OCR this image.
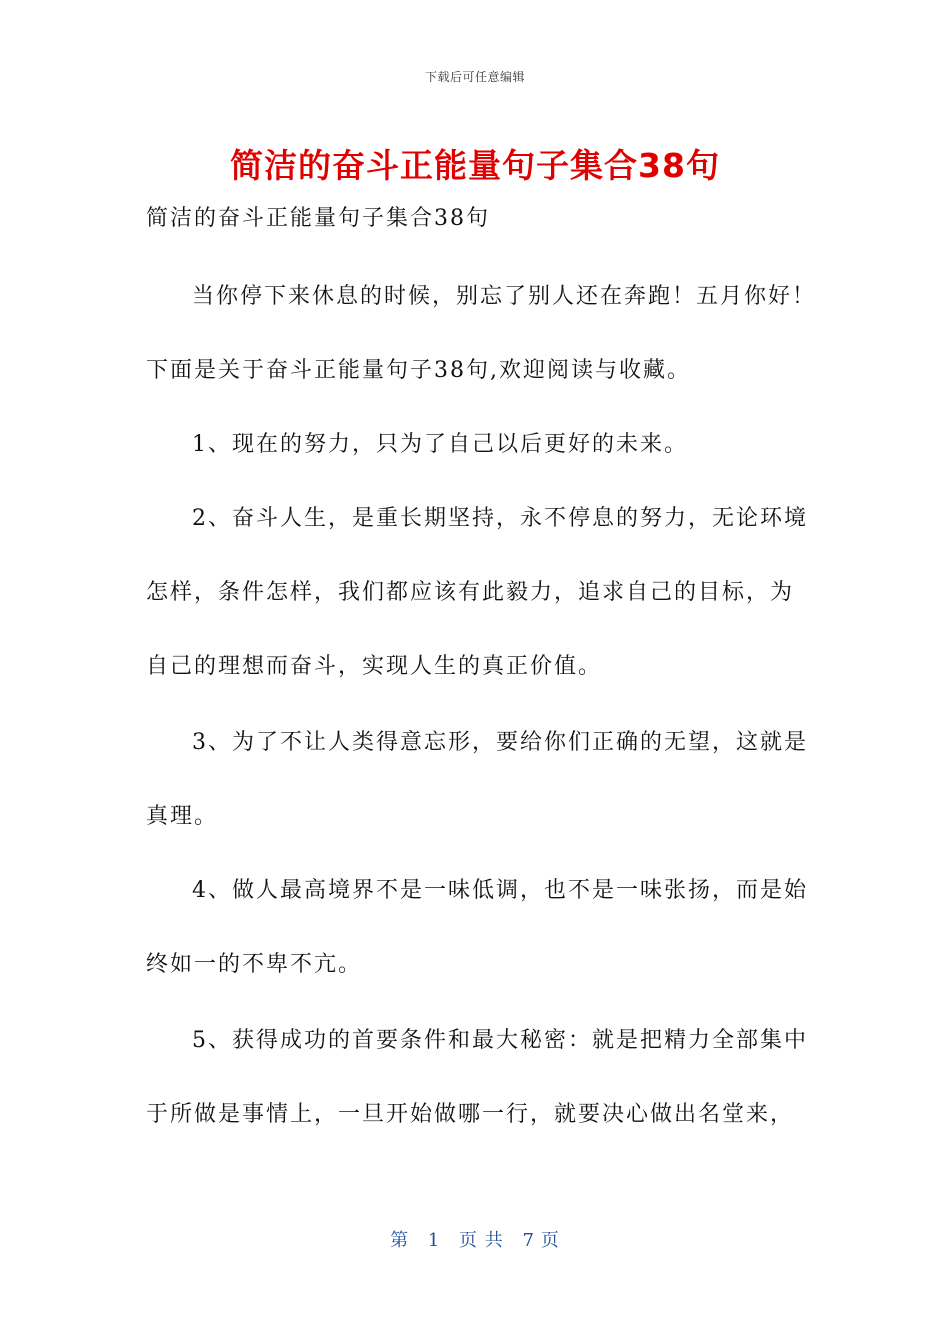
下载后可任意编辑
简洁的奋斗正能量句子集合38句
简洁的奋斗正能量句子集合38句
当你停下来休息的时候，别忘了别人还在奔跑！五月你好！
下面是关于奋斗正能量句子38句,欢迎阅读与收藏。
1、现在的努力，只为了自己以后更好的未来。
2、奋斗人生，是重长期坚持，永不停息的努力，无论环境
怎样，条件怎样，我们都应该有此毅力，追求自己的目标，为
自己的理想而奋斗，实现人生的真正价值。
3、为了不让人类得意忘形，要给你们正确的无望，这就是
真理。
4、做人最高境界不是一味低调，也不是一味张扬，而是始
终如一的不卑不亢。
5、获得成功的首要条件和最大秘密：就是把精力全部集中
于所做是事情上，一旦开始做哪一行，就要决心做出名堂来，
第 1 页 共 7 页
